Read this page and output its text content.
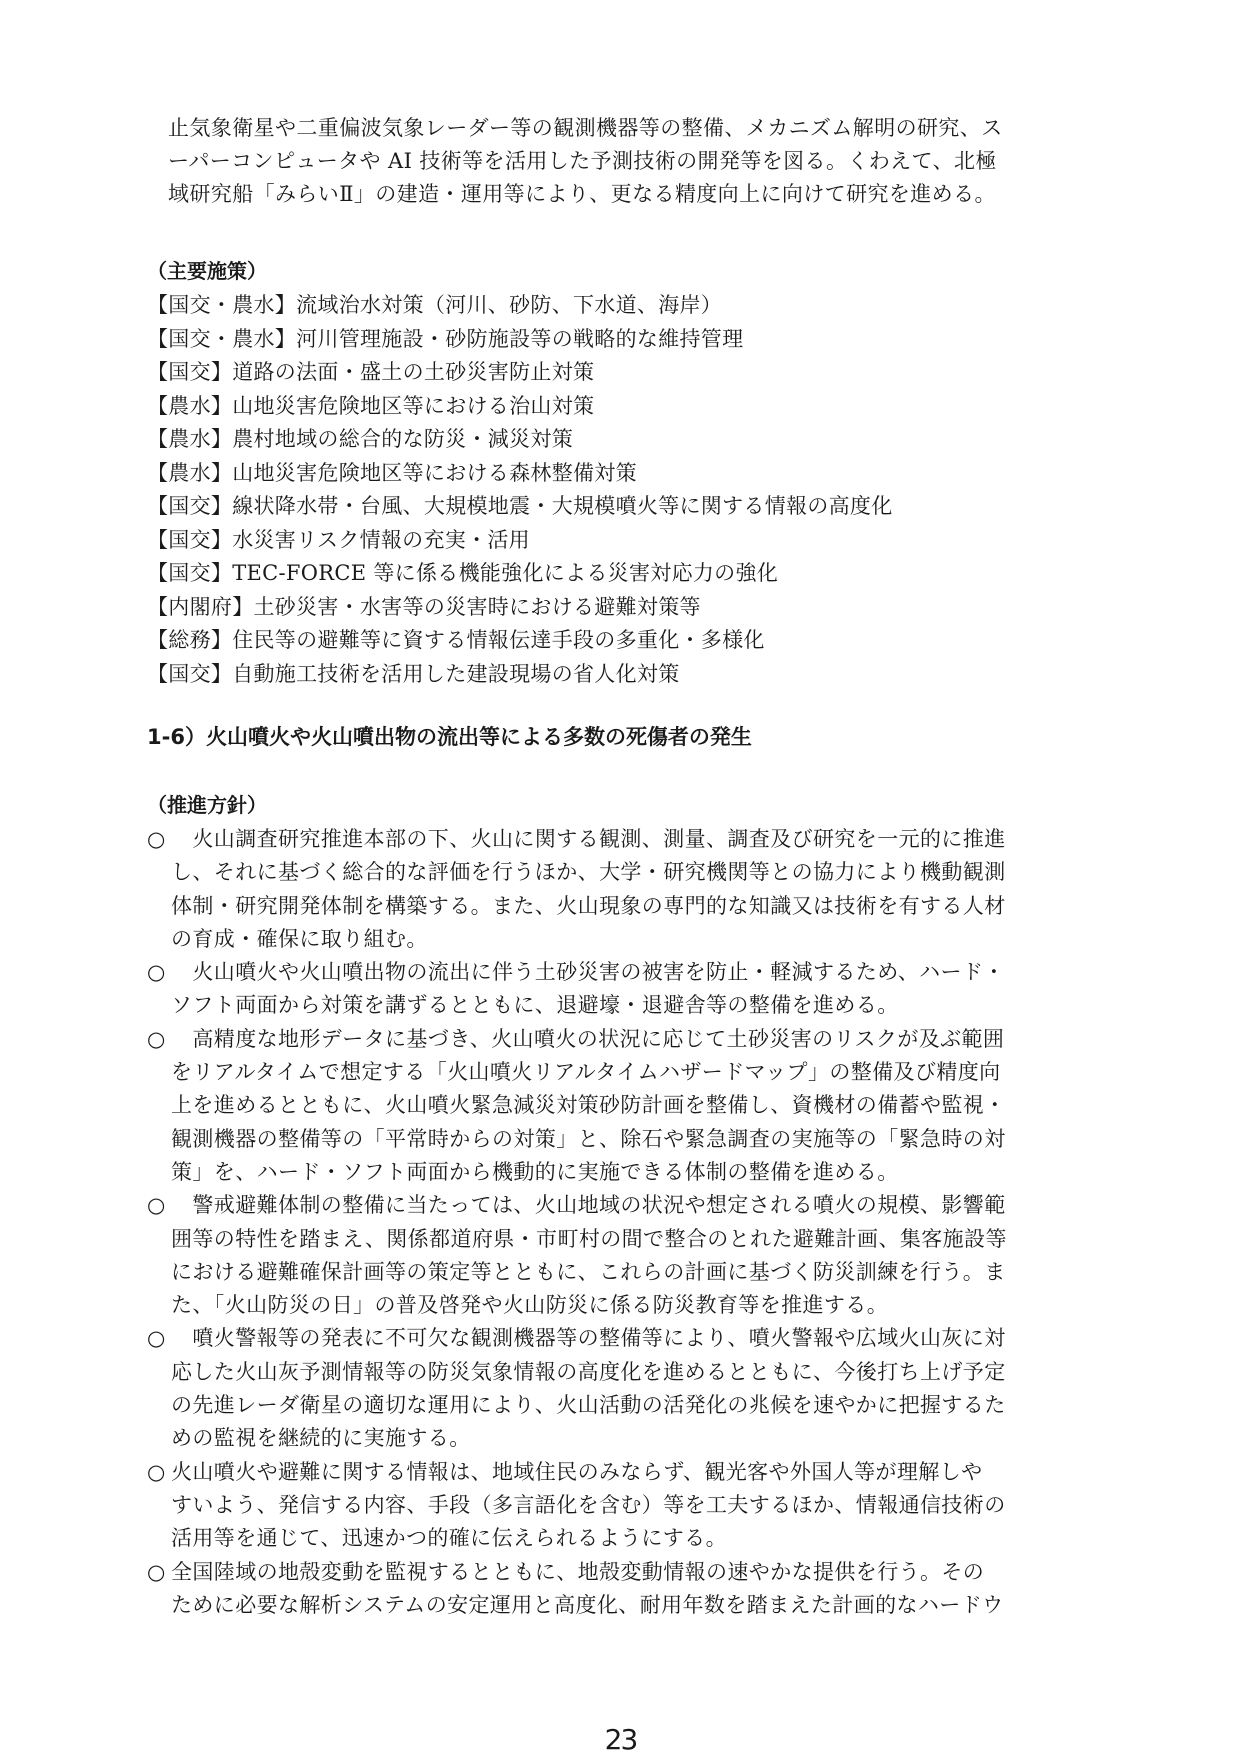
止気象衛星や二重偏波気象レーダー等の観測機器等の整備、メカニズム解明の研究、ス
ーパーコンピュータや AI 技術等を活用した予測技術の開発等を図る。くわえて、北極
域研究船「みらいⅡ」の建造・運用等により、更なる精度向上に向けて研究を進める。
（主要施策）
【国交・農水】流域治水対策（河川、砂防、下水道、海岸）
【国交・農水】河川管理施設・砂防施設等の戦略的な維持管理
【国交】道路の法面・盛土の土砂災害防止対策
【農水】山地災害危険地区等における治山対策
【農水】農村地域の総合的な防災・減災対策
【農水】山地災害危険地区等における森林整備対策
【国交】線状降水帯・台風、大規模地震・大規模噴火等に関する情報の高度化
【国交】水災害リスク情報の充実・活用
【国交】TEC-FORCE 等に係る機能強化による災害対応力の強化
【内閣府】土砂災害・水害等の災害時における避難対策等
【総務】住民等の避難等に資する情報伝達手段の多重化・多様化
【国交】自動施工技術を活用した建設現場の省人化対策
1-6）火山噴火や火山噴出物の流出等による多数の死傷者の発生
（推進方針）
○ 　火山調査研究推進本部の下、火山に関する観測、測量、調査及び研究を一元的に推進
し、それに基づく総合的な評価を行うほか、大学・研究機関等との協力により機動観測
体制・研究開発体制を構築する。また、火山現象の専門的な知識又は技術を有する人材
の育成・確保に取り組む。
○ 　火山噴火や火山噴出物の流出に伴う土砂災害の被害を防止・軽減するため、ハード・
ソフト両面から対策を講ずるとともに、退避壕・退避舎等の整備を進める。
○ 　高精度な地形データに基づき、火山噴火の状況に応じて土砂災害のリスクが及ぶ範囲
をリアルタイムで想定する「火山噴火リアルタイムハザードマップ」の整備及び精度向
上を進めるとともに、火山噴火緊急減災対策砂防計画を整備し、資機材の備蓄や監視・
観測機器の整備等の「平常時からの対策」と、除石や緊急調査の実施等の「緊急時の対
策」を、ハード・ソフト両面から機動的に実施できる体制の整備を進める。
○ 　警戒避難体制の整備に当たっては、火山地域の状況や想定される噴火の規模、影響範
囲等の特性を踏まえ、関係都道府県・市町村の間で整合のとれた避難計画、集客施設等
における避難確保計画等の策定等とともに、これらの計画に基づく防災訓練を行う。ま
た、「火山防災の日」の普及啓発や火山防災に係る防災教育等を推進する。
○ 　噴火警報等の発表に不可欠な観測機器等の整備等により、噴火警報や広域火山灰に対
応した火山灰予測情報等の防災気象情報の高度化を進めるとともに、今後打ち上げ予定
の先進レーダ衛星の適切な運用により、火山活動の活発化の兆候を速やかに把握するた
めの監視を継続的に実施する。
○ 火山噴火や避難に関する情報は、地域住民のみならず、観光客や外国人等が理解しや
すいよう、発信する内容、手段（多言語化を含む）等を工夫するほか、情報通信技術の
活用等を通じて、迅速かつ的確に伝えられるようにする。
○ 全国陸域の地殻変動を監視するとともに、地殻変動情報の速やかな提供を行う。その
ために必要な解析システムの安定運用と高度化、耐用年数を踏まえた計画的なハードウ
23
